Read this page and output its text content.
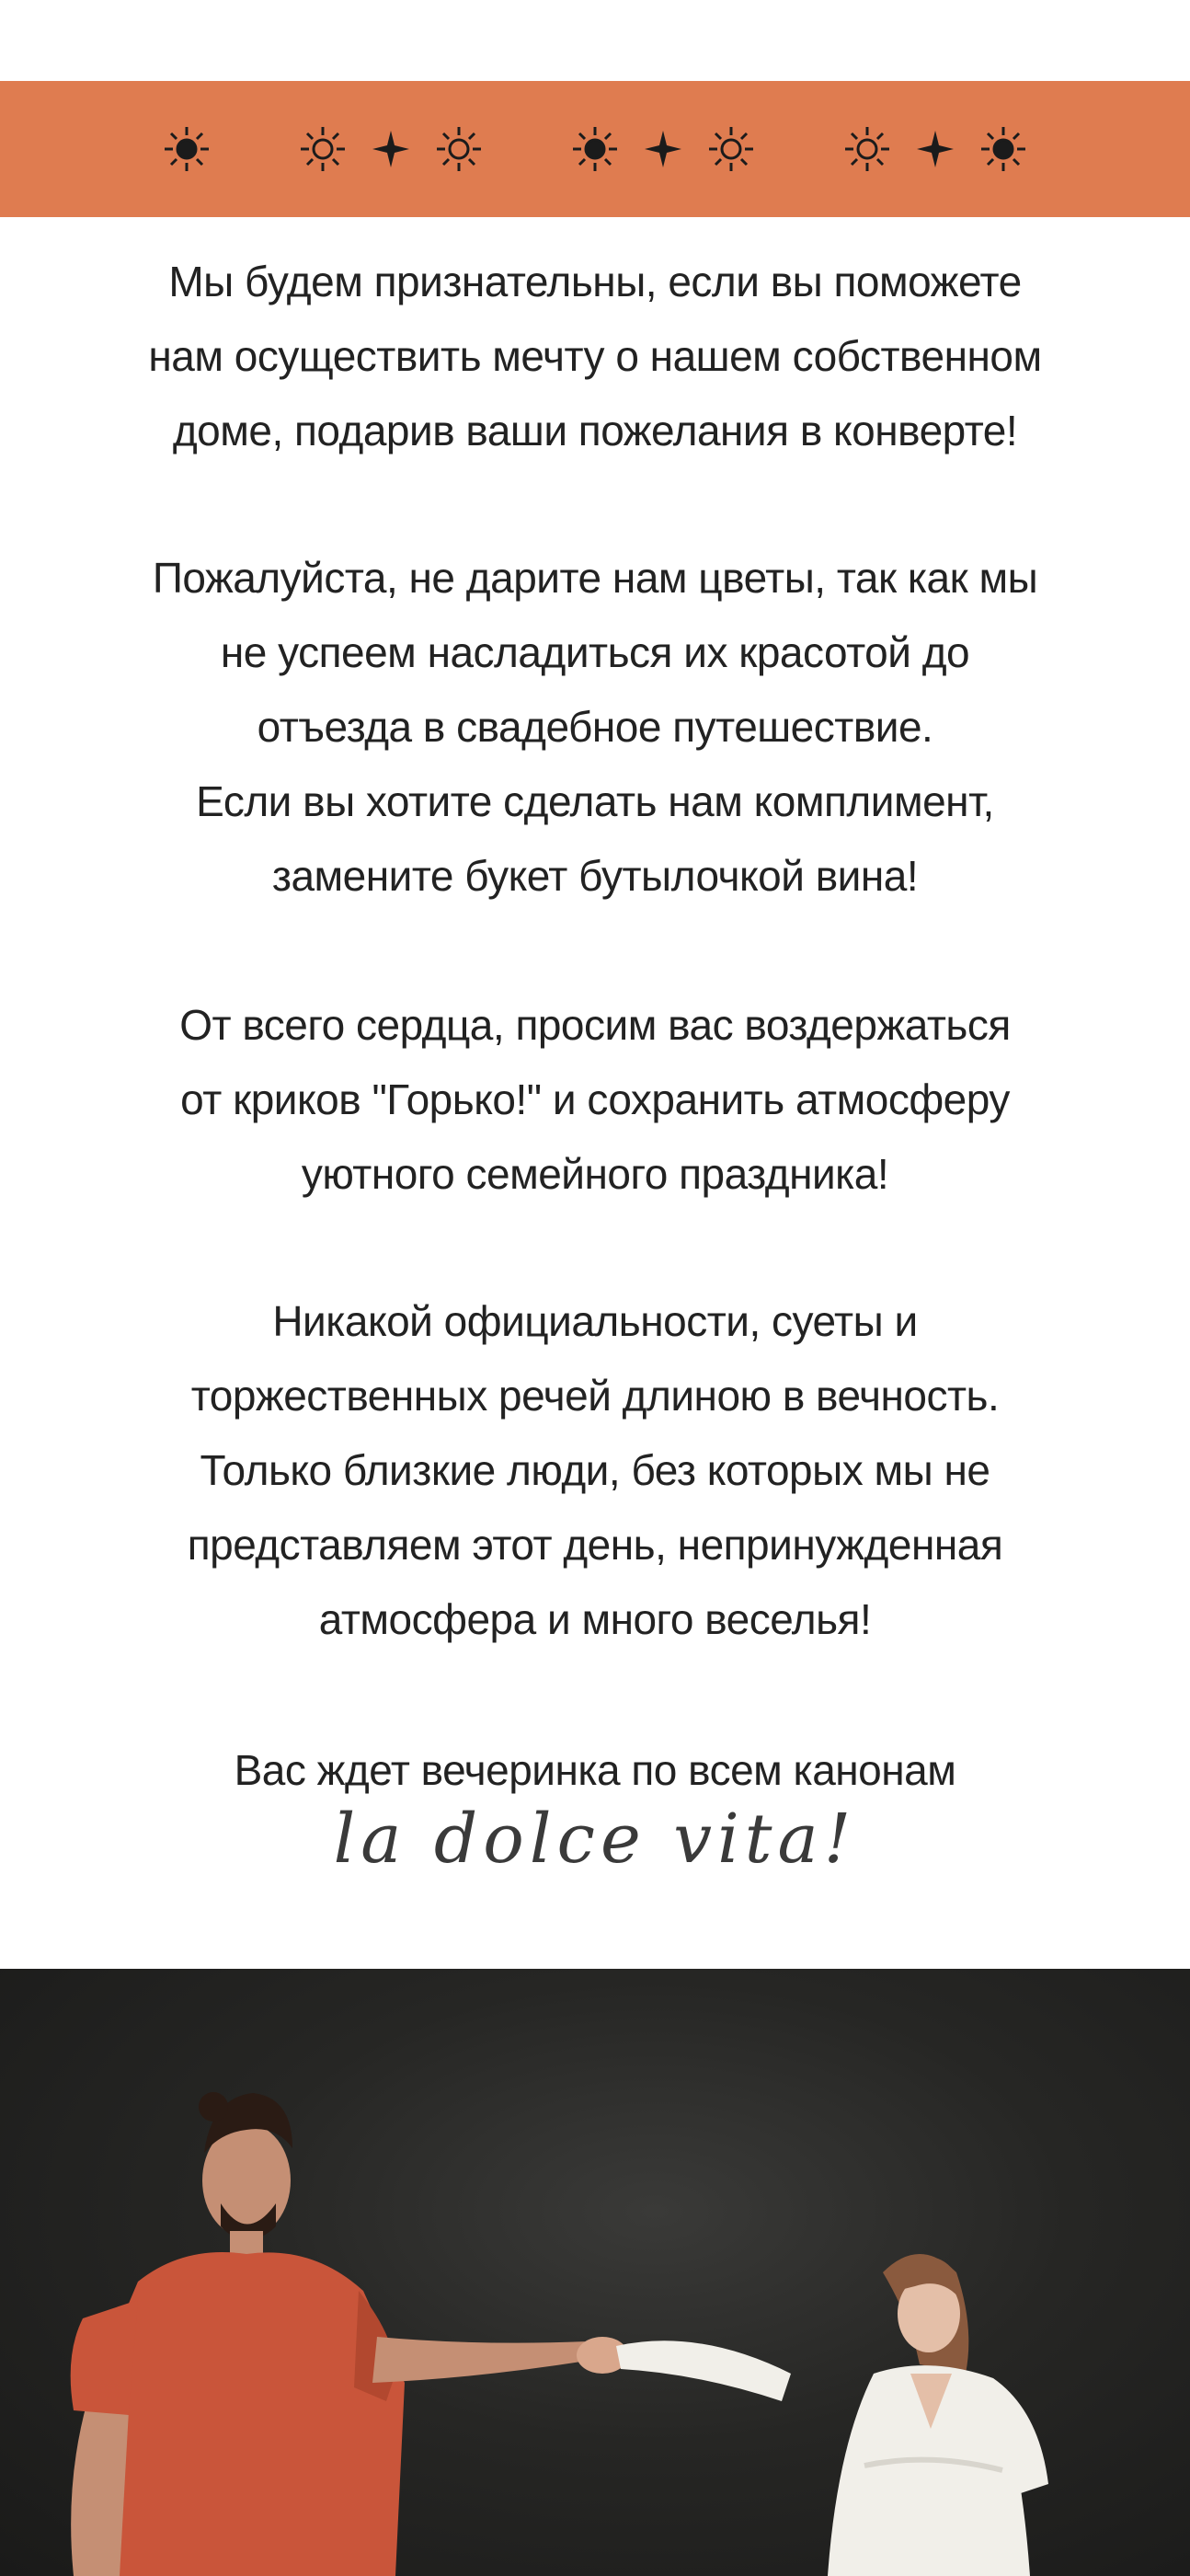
Мы будем признательны, если вы поможете
нам осуществить мечту о нашем собственном
доме, подарив ваши пожелания в конверте!

Пожалуйста, не дарите нам цветы, так как мы
не успеем насладиться их красотой до
отъезда в свадебное путешествие.
Если вы хотите сделать нам комплимент,
замените букет бутылочкой вина!

От всего сердца, просим вас воздержаться
от криков "Горько!" и сохранить атмосферу
уютного семейного праздника!

Никакой официальности, суеты и
торжественных речей длиною в вечность.
Только близкие люди, без которых мы не
представляем этот день, непринужденная
атмосфера и много веселья!

Вас ждет вечеринка по всем канонам

la dolce vita!
